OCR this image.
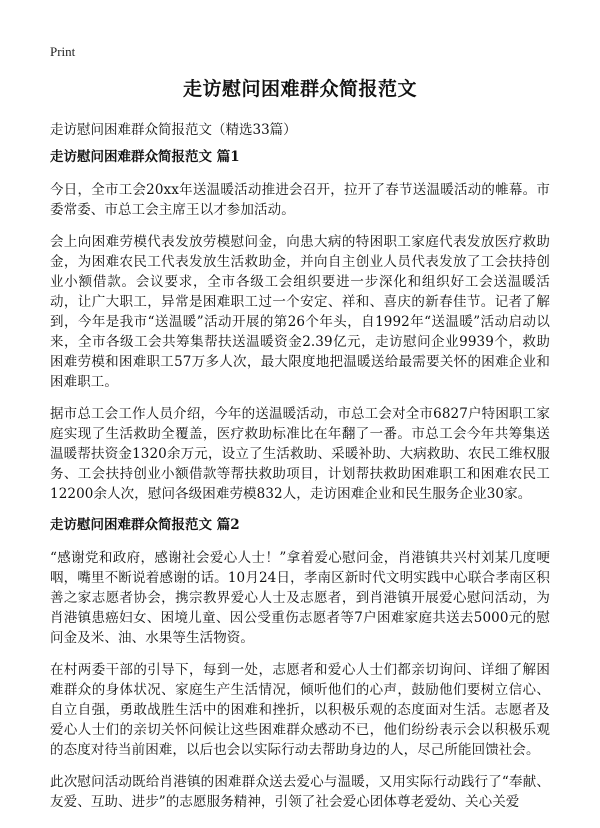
Print
走访慰问困难群众简报范文

走访慰问困难群众简报范文（精选33篇）

走访慰问困难群众简报范文 篇1

今日，全市工会20xx年送温暖活动推进会召开，拉开了春节送温暖活动的帷幕。市委常委、市总工会主席王以才参加活动。

会上向困难劳模代表发放劳模慰问金，向患大病的特困职工家庭代表发放医疗救助金，为困难农民工代表发放生活救助金，并向自主创业人员代表发放了工会扶持创业小额借款。会议要求，全市各级工会组织要进一步深化和组织好工会送温暖活动，让广大职工，异常是困难职工过一个安定、祥和、喜庆的新春佳节。记者了解到，今年是我市“送温暖”活动开展的第26个年头，自1992年“送温暖”活动启动以来，全市各级工会共筹集帮扶送温暖资金2.39亿元，走访慰问企业9939个，救助困难劳模和困难职工57万多人次，最大限度地把温暖送给最需要关怀的困难企业和困难职工。

据市总工会工作人员介绍，今年的送温暖活动，市总工会对全市6827户特困职工家庭实现了生活救助全覆盖，医疗救助标准比在年翻了一番。市总工会今年共筹集送温暖帮扶资金1320余万元，设立了生活救助、采暖补助、大病救助、农民工维权服务、工会扶持创业小额借款等帮扶救助项目，计划帮扶救助困难职工和困难农民工12200余人次，慰问各级困难劳模832人，走访困难企业和民生服务企业30家。

走访慰问困难群众简报范文 篇2

“感谢党和政府，感谢社会爱心人士！”拿着爱心慰问金，肖港镇共兴村刘某几度哽咽，嘴里不断说着感谢的话。10月24日，孝南区新时代文明实践中心联合孝南区积善之家志愿者协会，携宗教界爱心人士及志愿者，到肖港镇开展爱心慰问活动，为肖港镇患癌妇女、困境儿童、因公受重伤志愿者等7户困难家庭共送去5000元的慰问金及米、油、水果等生活物资。

在村两委干部的引导下，每到一处，志愿者和爱心人士们都亲切询问、详细了解困难群众的身体状况、家庭生产生活情况，倾听他们的心声，鼓励他们要树立信心、自立自强，勇敢战胜生活中的困难和挫折，以积极乐观的态度面对生活。志愿者及爱心人士们的亲切关怀问候让这些困难群众感动不已，他们纷纷表示会以积极乐观的态度对待当前困难，以后也会以实际行动去帮助身边的人，尽己所能回馈社会。

此次慰问活动既给肖港镇的困难群众送去爱心与温暖，又用实际行动践行了“奉献、友爱、互助、进步”的志愿服务精神，引领了社会爱心团体尊老爱幼、关心关爱
